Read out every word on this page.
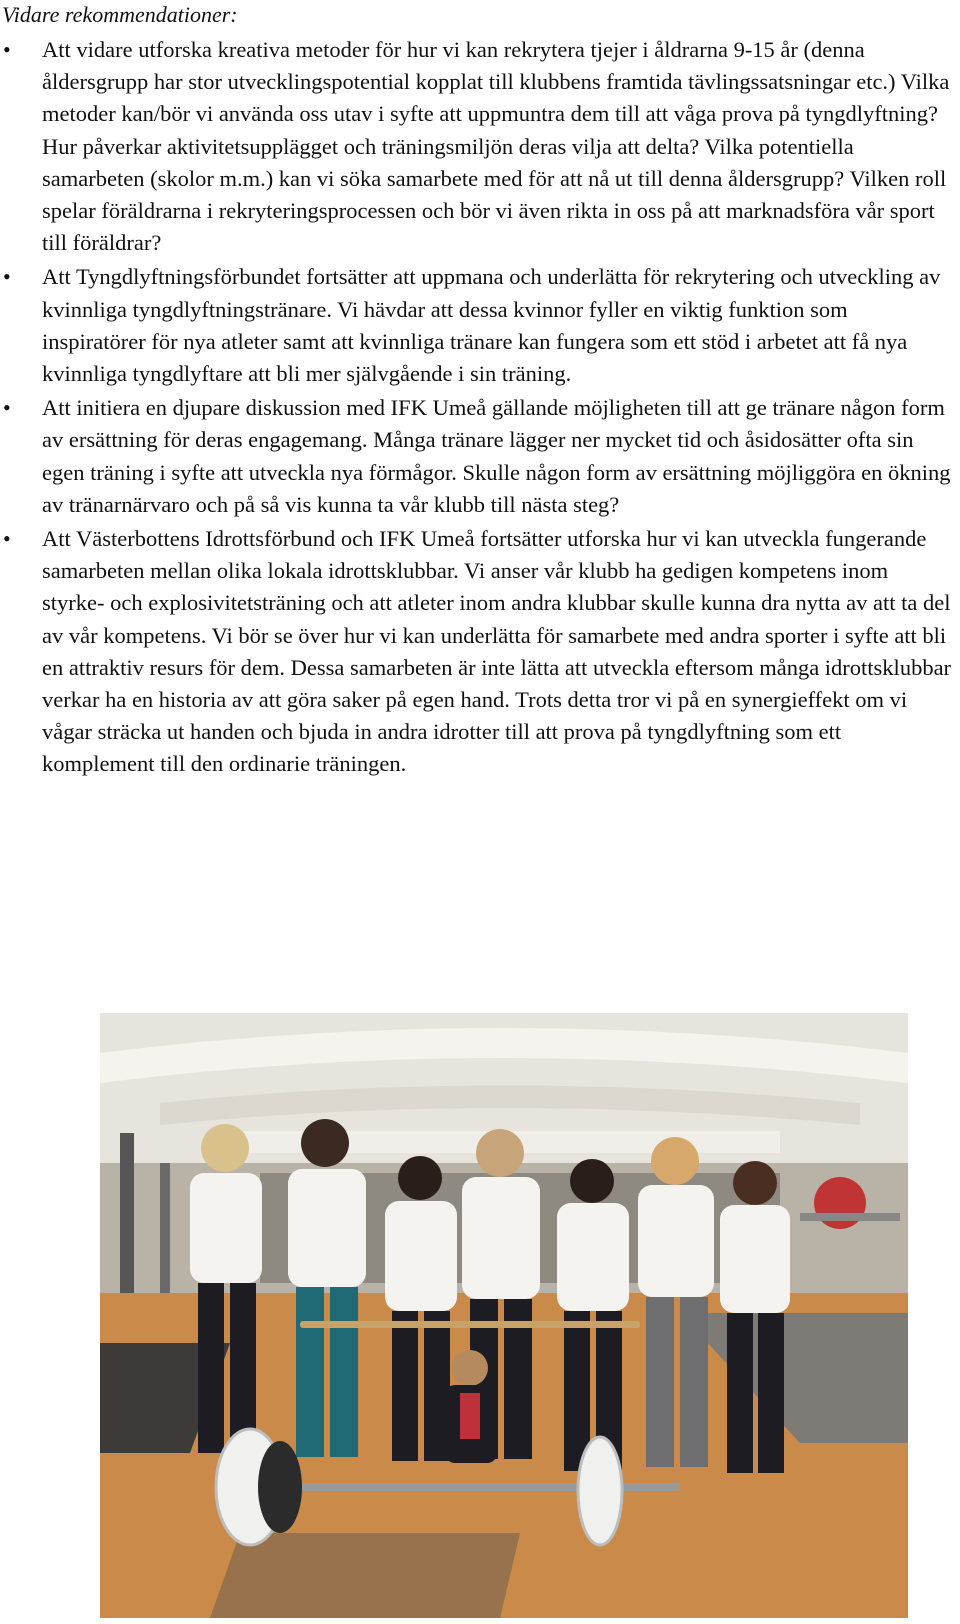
Vidare rekommendationer:
• Att vidare utforska kreativa metoder för hur vi kan rekrytera tjejer i åldrarna 9-15 år (denna åldersgrupp har stor utvecklingspotential kopplat till klubbens framtida tävlingssatsningar etc.) Vilka metoder kan/bör vi använda oss utav i syfte att uppmuntra dem till att våga prova på tyngdlyftning? Hur påverkar aktivitetsupplägget och träningsmiljön deras vilja att delta? Vilka potentiella samarbeten (skolor m.m.) kan vi söka samarbete med för att nå ut till denna åldersgrupp? Vilken roll spelar föräldrarna i rekryteringsprocessen och bör vi även rikta in oss på att marknadsföra vår sport till föräldrar?
• Att Tyngdlyftningsförbundet fortsätter att uppmana och underlätta för rekrytering och utveckling av kvinnliga tyngdlyftningstränare. Vi hävdar att dessa kvinnor fyller en viktig funktion som inspiratörer för nya atleter samt att kvinnliga tränare kan fungera som ett stöd i arbetet att få nya kvinnliga tyngdlyftare att bli mer självgående i sin träning.
• Att initiera en djupare diskussion med IFK Umeå gällande möjligheten till att ge tränare någon form av ersättning för deras engagemang. Många tränare lägger ner mycket tid och åsidosätter ofta sin egen träning i syfte att utveckla nya förmågor. Skulle någon form av ersättning möjliggöra en ökning av tränarnärvaro och på så vis kunna ta vår klubb till nästa steg?
• Att Västerbottens Idrottsförbund och IFK Umeå fortsätter utforska hur vi kan utveckla fungerande samarbeten mellan olika lokala idrottsklubbar. Vi anser vår klubb ha gedigen kompetens inom styrke- och explosivitetsträning och att atleter inom andra klubbar skulle kunna dra nytta av att ta del av vår kompetens. Vi bör se över hur vi kan underlätta för samarbete med andra sporter i syfte att bli en attraktiv resurs för dem. Dessa samarbeten är inte lätta att utveckla eftersom många idrottsklubbar verkar ha en historia av att göra saker på egen hand. Trots detta tror vi på en synergieffekt om vi vågar sträcka ut handen och bjuda in andra idrotter till att prova på tyngdlyftning som ett komplement till den ordinarie träningen.
